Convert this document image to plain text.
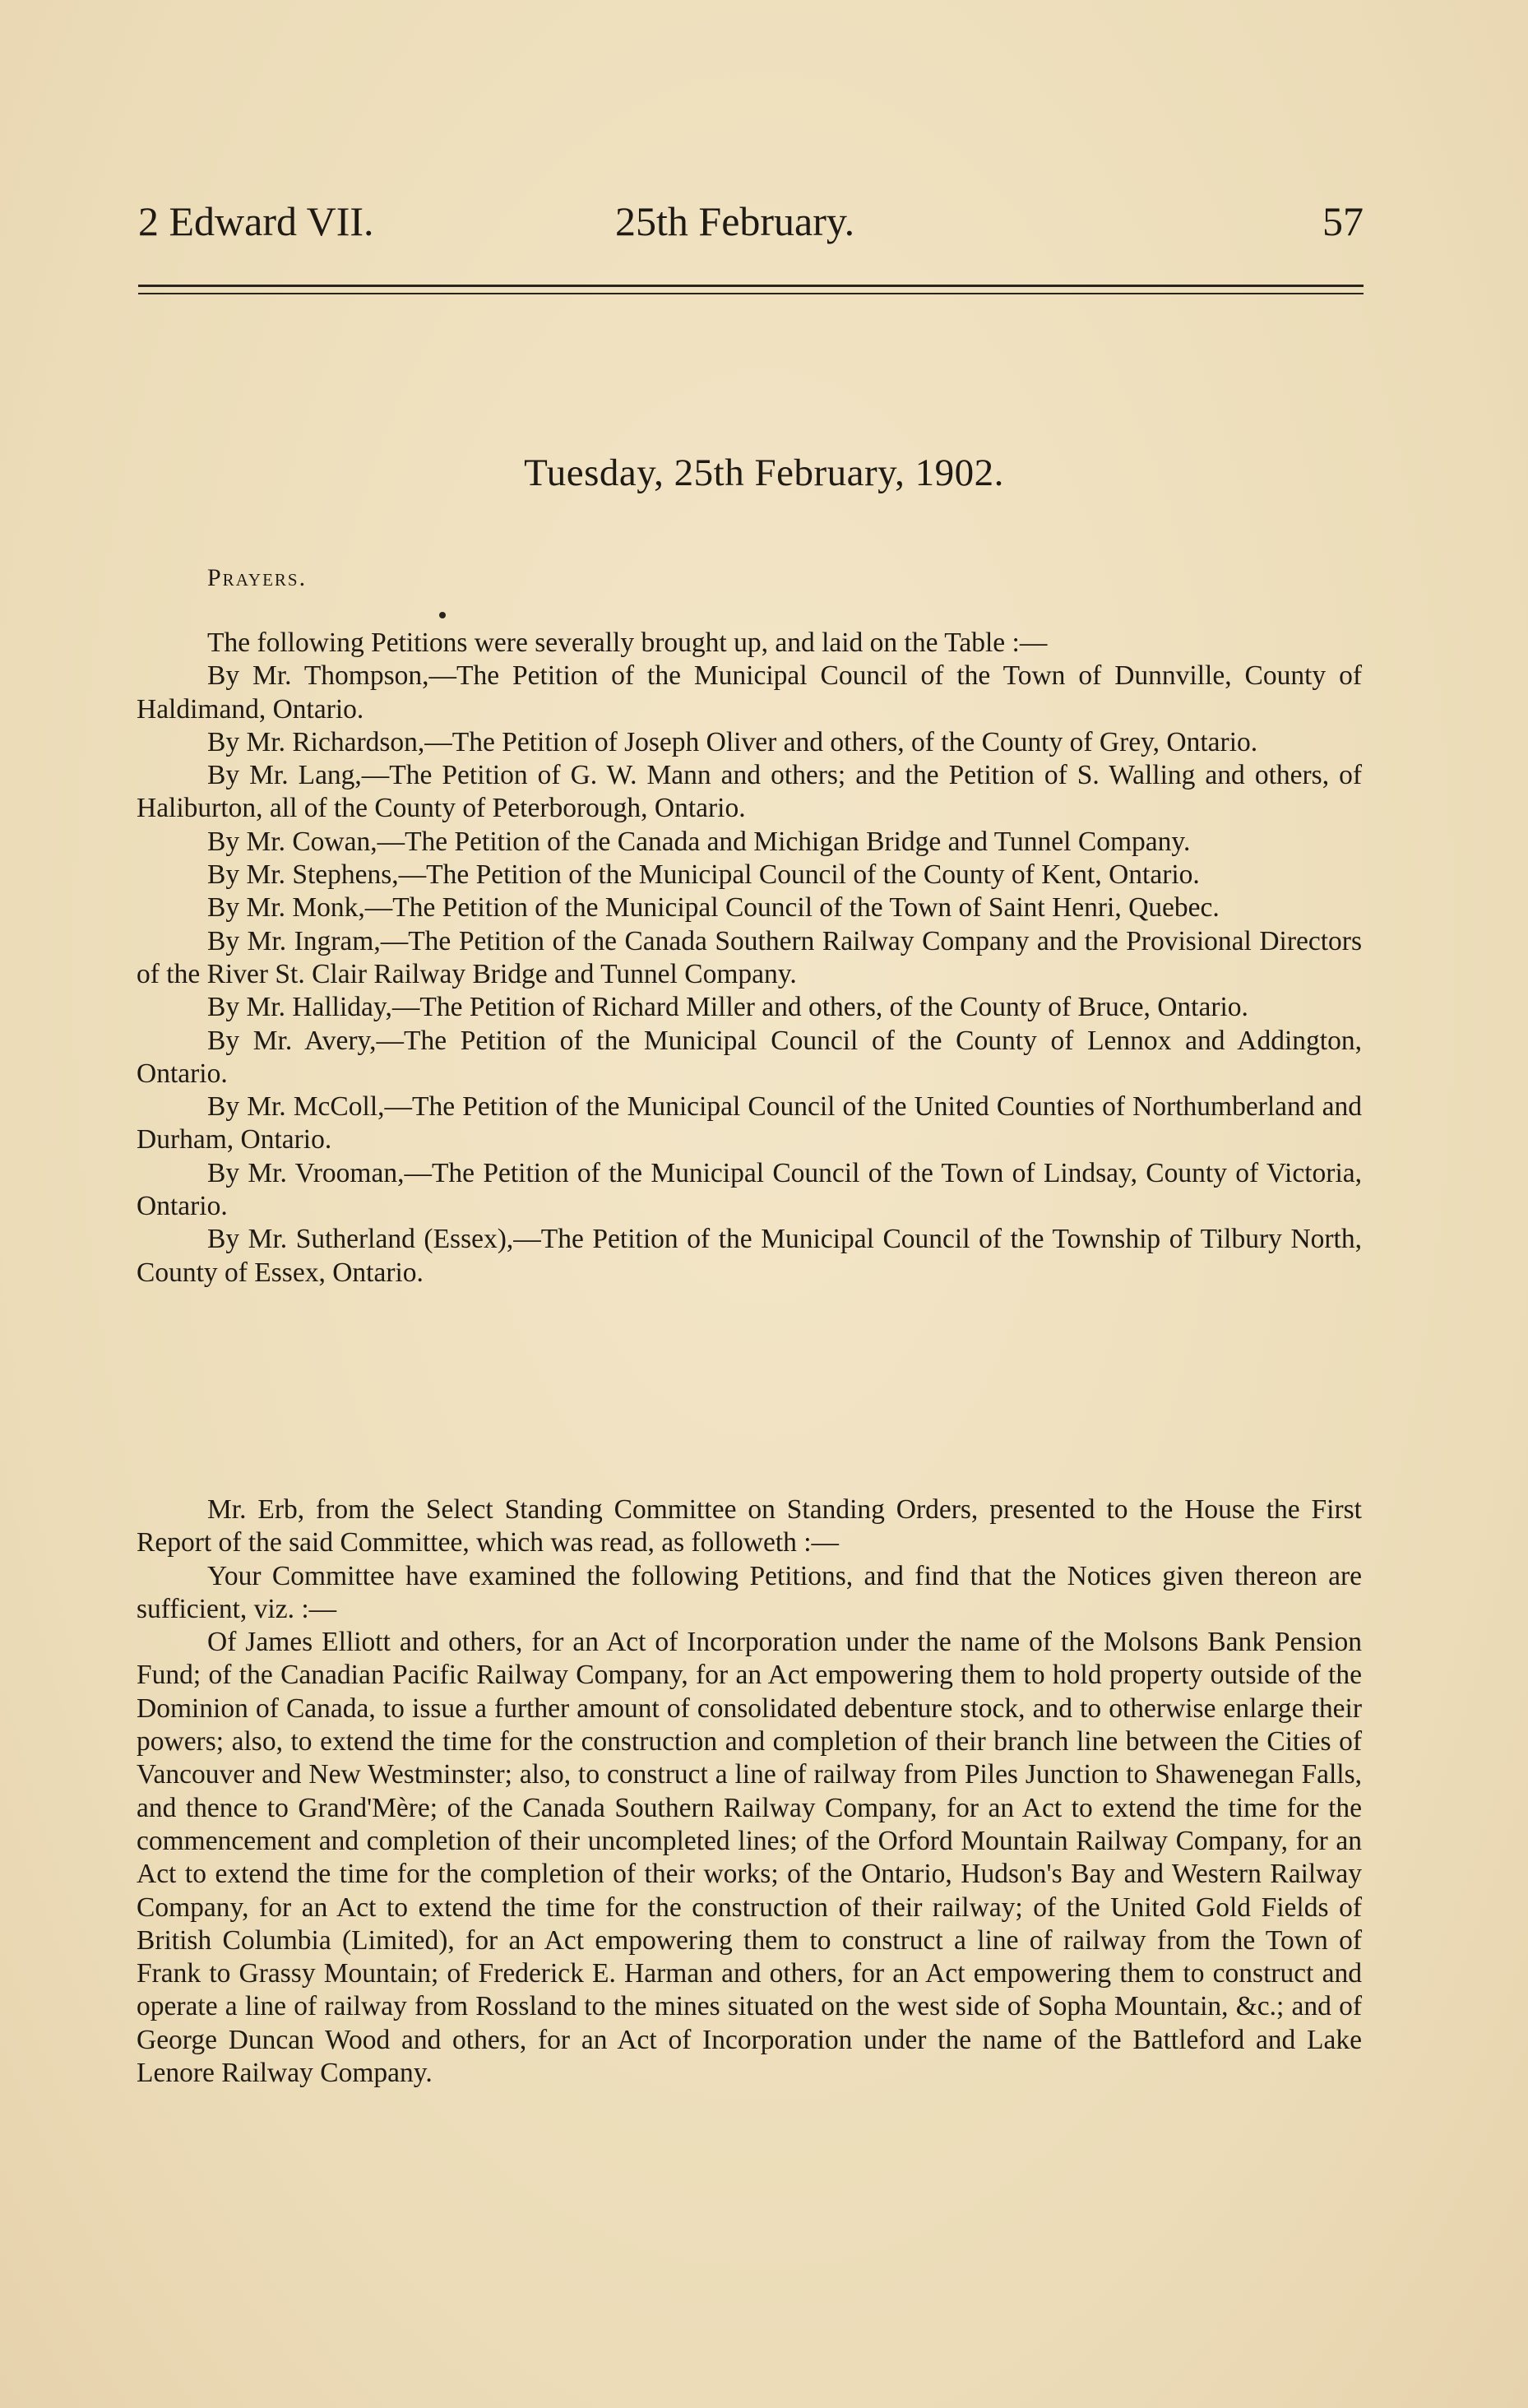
2 Edward VII.	25th February.	57
Tuesday, 25th February, 1902.
Prayers.

The following Petitions were severally brought up, and laid on the Table :—

By Mr. Thompson,—The Petition of the Municipal Council of the Town of Dunnville, County of Haldimand, Ontario.

By Mr. Richardson,—The Petition of Joseph Oliver and others, of the County of Grey, Ontario.

By Mr. Lang,—The Petition of G. W. Mann and others; and the Petition of S. Walling and others, of Haliburton, all of the County of Peterborough, Ontario.

By Mr. Cowan,—The Petition of the Canada and Michigan Bridge and Tunnel Company.

By Mr. Stephens,—The Petition of the Municipal Council of the County of Kent, Ontario.

By Mr. Monk,—The Petition of the Municipal Council of the Town of Saint Henri, Quebec.

By Mr. Ingram,—The Petition of the Canada Southern Railway Company and the Provisional Directors of the River St. Clair Railway Bridge and Tunnel Company.

By Mr. Halliday,—The Petition of Richard Miller and others, of the County of Bruce, Ontario.

By Mr. Avery,—The Petition of the Municipal Council of the County of Lennox and Addington, Ontario.

By Mr. McColl,—The Petition of the Municipal Council of the United Counties of Northumberland and Durham, Ontario.

By Mr. Vrooman,—The Petition of the Municipal Council of the Town of Lindsay, County of Victoria, Ontario.

By Mr. Sutherland (Essex),—The Petition of the Municipal Council of the Township of Tilbury North, County of Essex, Ontario.

Mr. Erb, from the Select Standing Committee on Standing Orders, presented to the House the First Report of the said Committee, which was read, as followeth :—

Your Committee have examined the following Petitions, and find that the Notices given thereon are sufficient, viz. :—

Of James Elliott and others, for an Act of Incorporation under the name of the Molsons Bank Pension Fund; of the Canadian Pacific Railway Company, for an Act empowering them to hold property outside of the Dominion of Canada, to issue a further amount of consolidated debenture stock, and to otherwise enlarge their powers; also, to extend the time for the construction and completion of their branch line between the Cities of Vancouver and New Westminster; also, to construct a line of railway from Piles Junction to Shawenegan Falls, and thence to Grand'Mère; of the Canada Southern Railway Company, for an Act to extend the time for the commencement and completion of their uncompleted lines; of the Orford Mountain Railway Company, for an Act to extend the time for the completion of their works; of the Ontario, Hudson's Bay and Western Railway Company, for an Act to extend the time for the construction of their railway; of the United Gold Fields of British Columbia (Limited), for an Act empowering them to construct a line of railway from the Town of Frank to Grassy Mountain; of Frederick E. Harman and others, for an Act empowering them to construct and operate a line of railway from Rossland to the mines situated on the west side of Sopha Mountain, &c.; and of George Duncan Wood and others, for an Act of Incorporation under the name of the Battleford and Lake Lenore Railway Company.
